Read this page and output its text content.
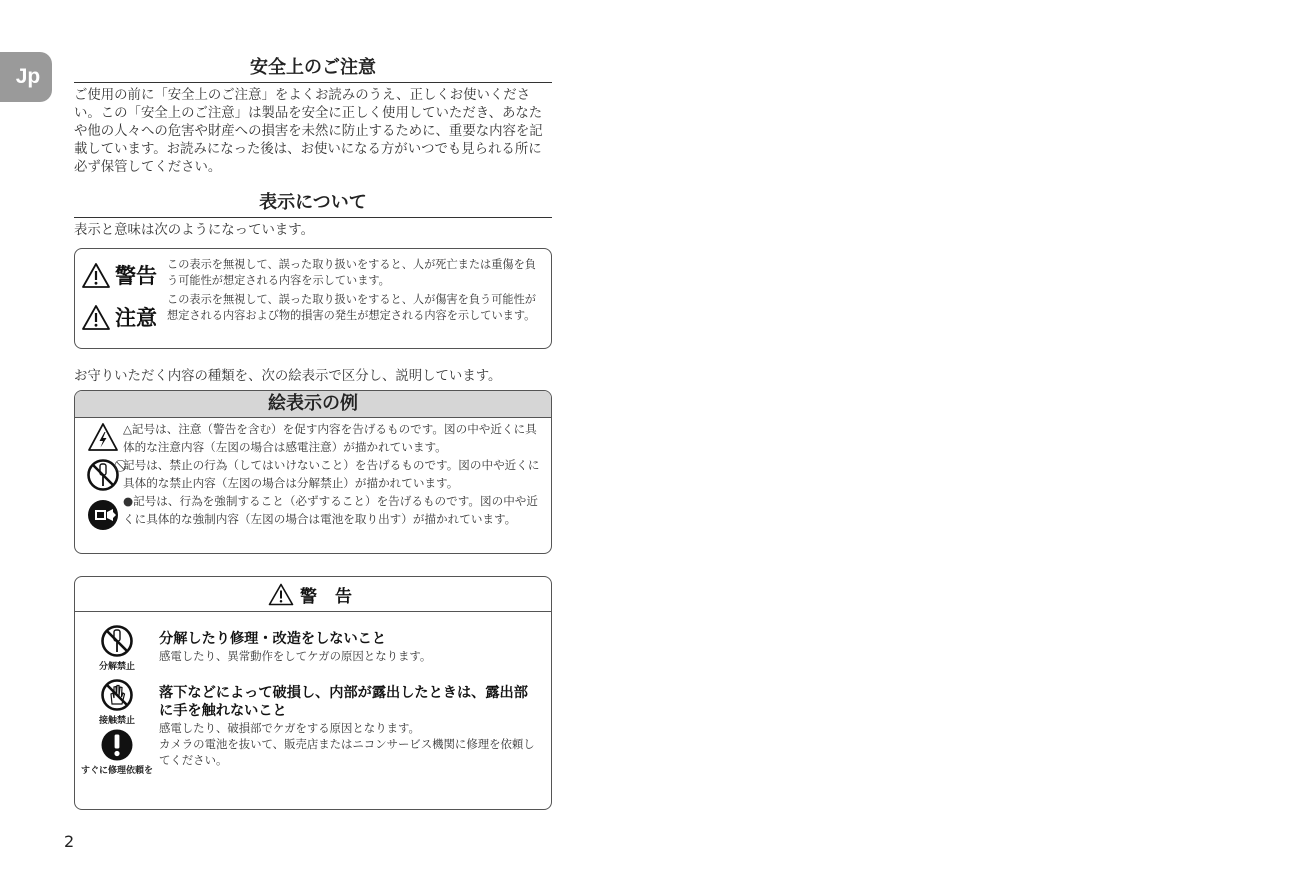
Jp	安全上のご注意

ご使用の前に「安全上のご注意」をよくお読みのうえ、正しくお使いください。この「安全上のご注意」は製品を安全に正しく使用していただき、あなたや他の人々への危害や財産への損害を未然に防止するために、重要な内容を記載しています。お読みになった後は、お使いになる方がいつでも見られる所に必ず保管してください。

表示について

表示と意味は次のようになっています。

警告 この表示を無視して、誤った取り扱いをすると、人が死亡または重傷を負う可能性が想定される内容を示しています。
注意
この表示を無視して、誤った取り扱いをすると、人が傷害を負う可能性が想定される内容および物的損害の発生が想定される内容を示しています。

お守りいただく内容の種類を、次の絵表示で区分し、説明しています。

絵表示の例
△記号は、注意（警告を含む）を促す内容を告げるものです。図の中や近くに具体的な注意内容（左図の場合は感電注意）が描かれています。
⃠記号は、禁止の行為（してはいけないこと）を告げるものです。図の中や近くに具体的な禁止内容（左図の場合は分解禁止）が描かれています。
●記号は、行為を強制すること（必ずすること）を告げるものです。図の中や近くに具体的な強制内容（左図の場合は電池を取り出す）が描かれています。
警 告
分解禁止
分解したり修理・改造をしないこと
感電したり、異常動作をしてケガの原因となります。
接触禁止
落下などによって破損し、内部が露出したときは、露出部に手を触れないこと
感電したり、破損部でケガをする原因となります。
カメラの電池を抜いて、販売店またはニコンサービス機関に修理を依頼してください。
すぐに修理依頼を
2
